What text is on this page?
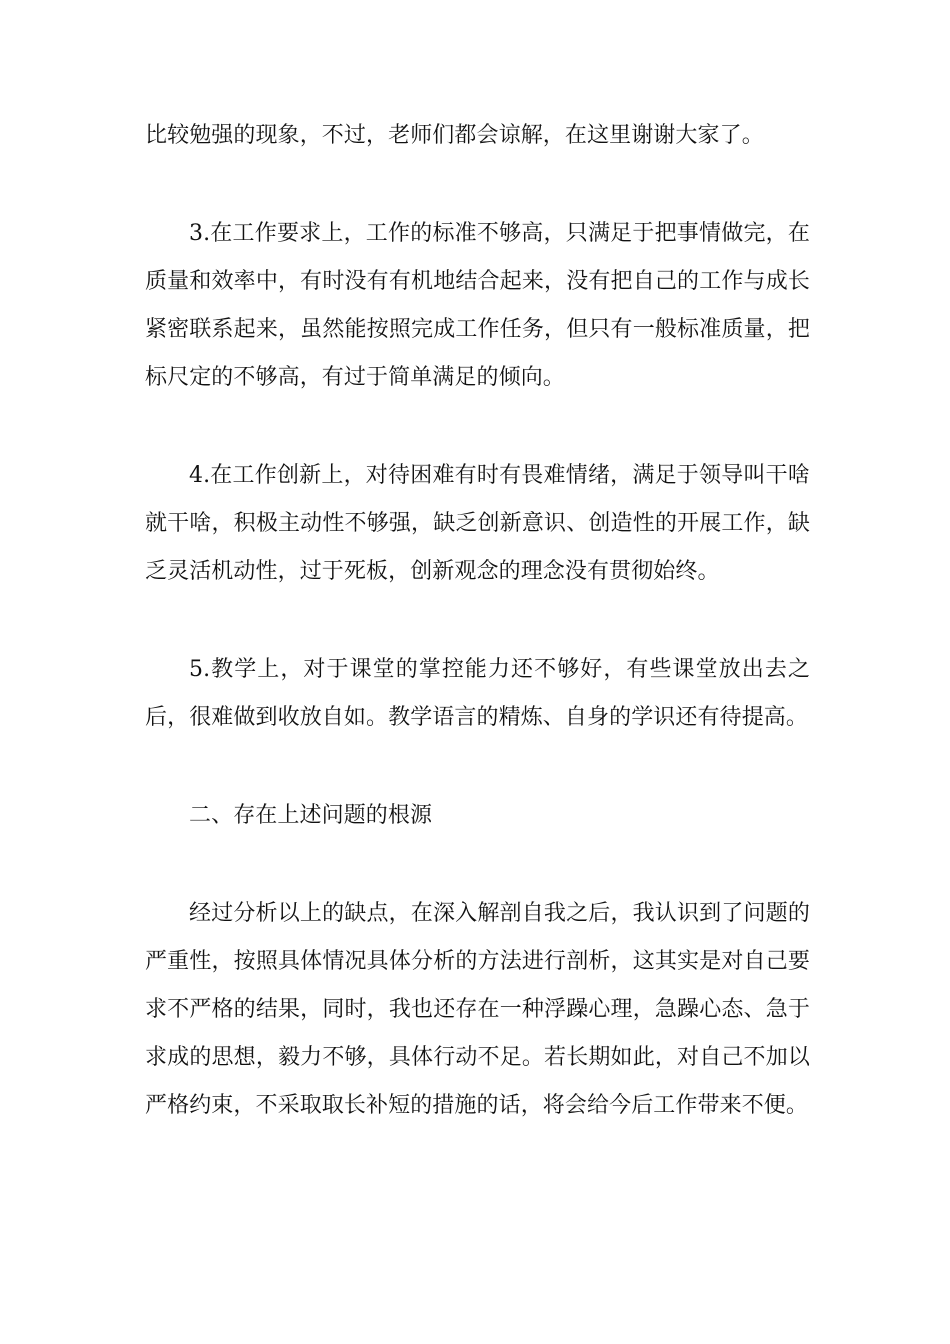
比较勉强的现象，不过，老师们都会谅解，在这里谢谢大家了。

3.在工作要求上，工作的标准不够高，只满足于把事情做完，在质量和效率中，有时没有有机地结合起来，没有把自己的工作与成长紧密联系起来，虽然能按照完成工作任务，但只有一般标准质量，把标尺定的不够高，有过于简单满足的倾向。

4.在工作创新上，对待困难有时有畏难情绪，满足于领导叫干啥就干啥，积极主动性不够强，缺乏创新意识、创造性的开展工作，缺乏灵活机动性，过于死板，创新观念的理念没有贯彻始终。

5.教学上，对于课堂的掌控能力还不够好，有些课堂放出去之后，很难做到收放自如。教学语言的精炼、自身的学识还有待提高。

二、存在上述问题的根源

经过分析以上的缺点，在深入解剖自我之后，我认识到了问题的严重性，按照具体情况具体分析的方法进行剖析，这其实是对自己要求不严格的结果，同时，我也还存在一种浮躁心理，急躁心态、急于求成的思想，毅力不够，具体行动不足。若长期如此，对自己不加以严格约束，不采取取长补短的措施的话，将会给今后工作带来不便。
